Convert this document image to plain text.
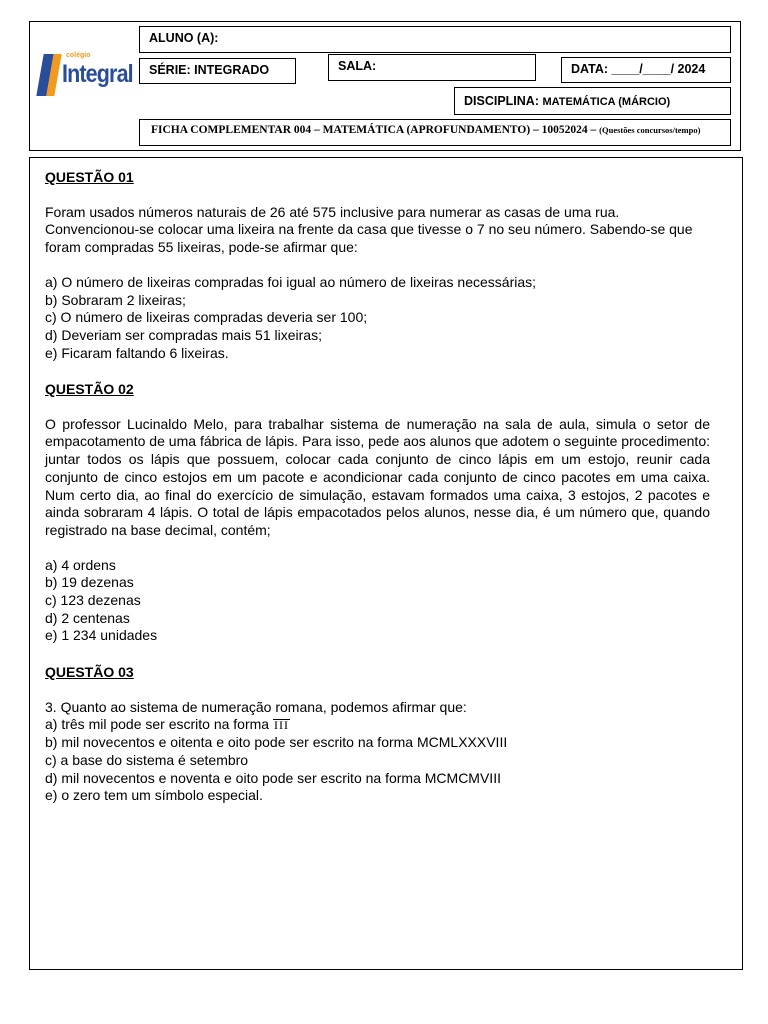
colégio
Integral
ALUNO (A):
SÉRIE: INTEGRADO	SALA:	DATA: ____/____/ 2024
DISCIPLINA: MATEMÁTICA (MÁRCIO)
FICHA COMPLEMENTAR 004 – MATEMÁTICA (APROFUNDAMENTO) – 10052024 – (Questões concursos/tempo)
QUESTÃO 01
Foram usados números naturais de 26 até 575 inclusive para numerar as casas de uma rua. Convencionou-se colocar uma lixeira na frente da casa que tivesse o 7 no seu número. Sabendo-se que foram compradas 55 lixeiras, pode-se afirmar que:
a) O número de lixeiras compradas foi igual ao número de lixeiras necessárias;
b) Sobraram 2 lixeiras;
c) O número de lixeiras compradas deveria ser 100;
d) Deveriam ser compradas mais 51 lixeiras;
e) Ficaram faltando 6 lixeiras.
QUESTÃO 02
O professor Lucinaldo Melo, para trabalhar sistema de numeração na sala de aula, simula o setor de empacotamento de uma fábrica de lápis. Para isso, pede aos alunos que adotem o seguinte procedimento: juntar todos os lápis que possuem, colocar cada conjunto de cinco lápis em um estojo, reunir cada conjunto de cinco estojos em um pacote e acondicionar cada conjunto de cinco pacotes em uma caixa. Num certo dia, ao final do exercício de simulação, estavam formados uma caixa, 3 estojos, 2 pacotes e ainda sobraram 4 lápis. O total de lápis empacotados pelos alunos, nesse dia, é um número que, quando registrado na base decimal, contém;
a) 4 ordens
b) 19 dezenas
c) 123 dezenas
d) 2 centenas
e) 1 234 unidades
QUESTÃO 03
3. Quanto ao sistema de numeração romana, podemos afirmar que:
a) três mil pode ser escrito na forma III
b) mil novecentos e oitenta e oito pode ser escrito na forma MCMLXXXVIII
c) a base do sistema é setembro
d) mil novecentos e noventa e oito pode ser escrito na forma MCMCMVIII
e) o zero tem um símbolo especial.
